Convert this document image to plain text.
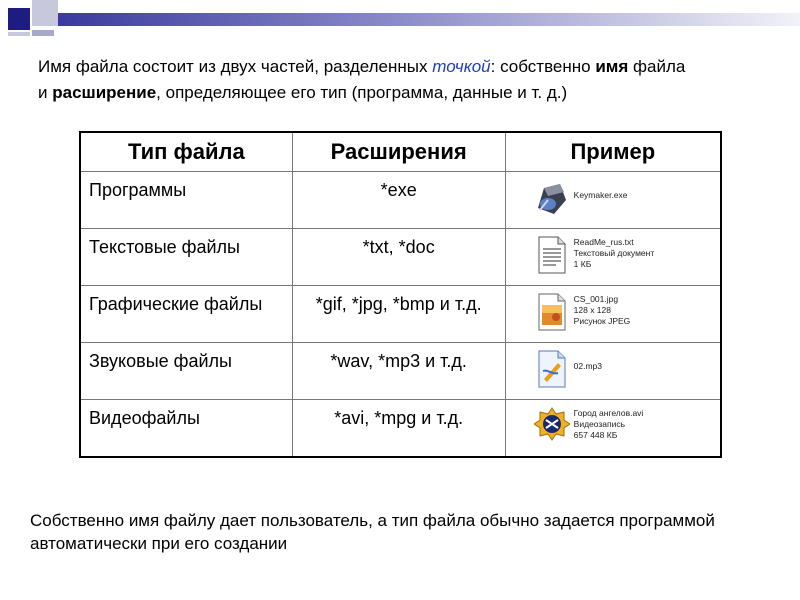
Имя файла состоит из двух частей, разделенных точкой: собственно имя файла
и расширение, определяющее его тип (программа, данные и т. д.)
Тип файла	Расширения	Пример
Программы	*exe	Keymaker.exe

Текстовые файлы	*txt, *doc	ReadMe_rus.txt
Текстовый документ
1 КБ

Графические файлы	*gif, *jpg, *bmp и т.д.	CS_001.jpg
128 x 128
Рисунок JPEG

Звуковые файлы	*wav, *mp3 и т.д.	02.mp3

Видеофайлы	*avi, *mpg и т.д.	Город ангелов.avi
Видеозапись
657 448 КБ
Собственно имя файлу дает пользователь, а тип файла обычно задается программой автоматически при его создании
